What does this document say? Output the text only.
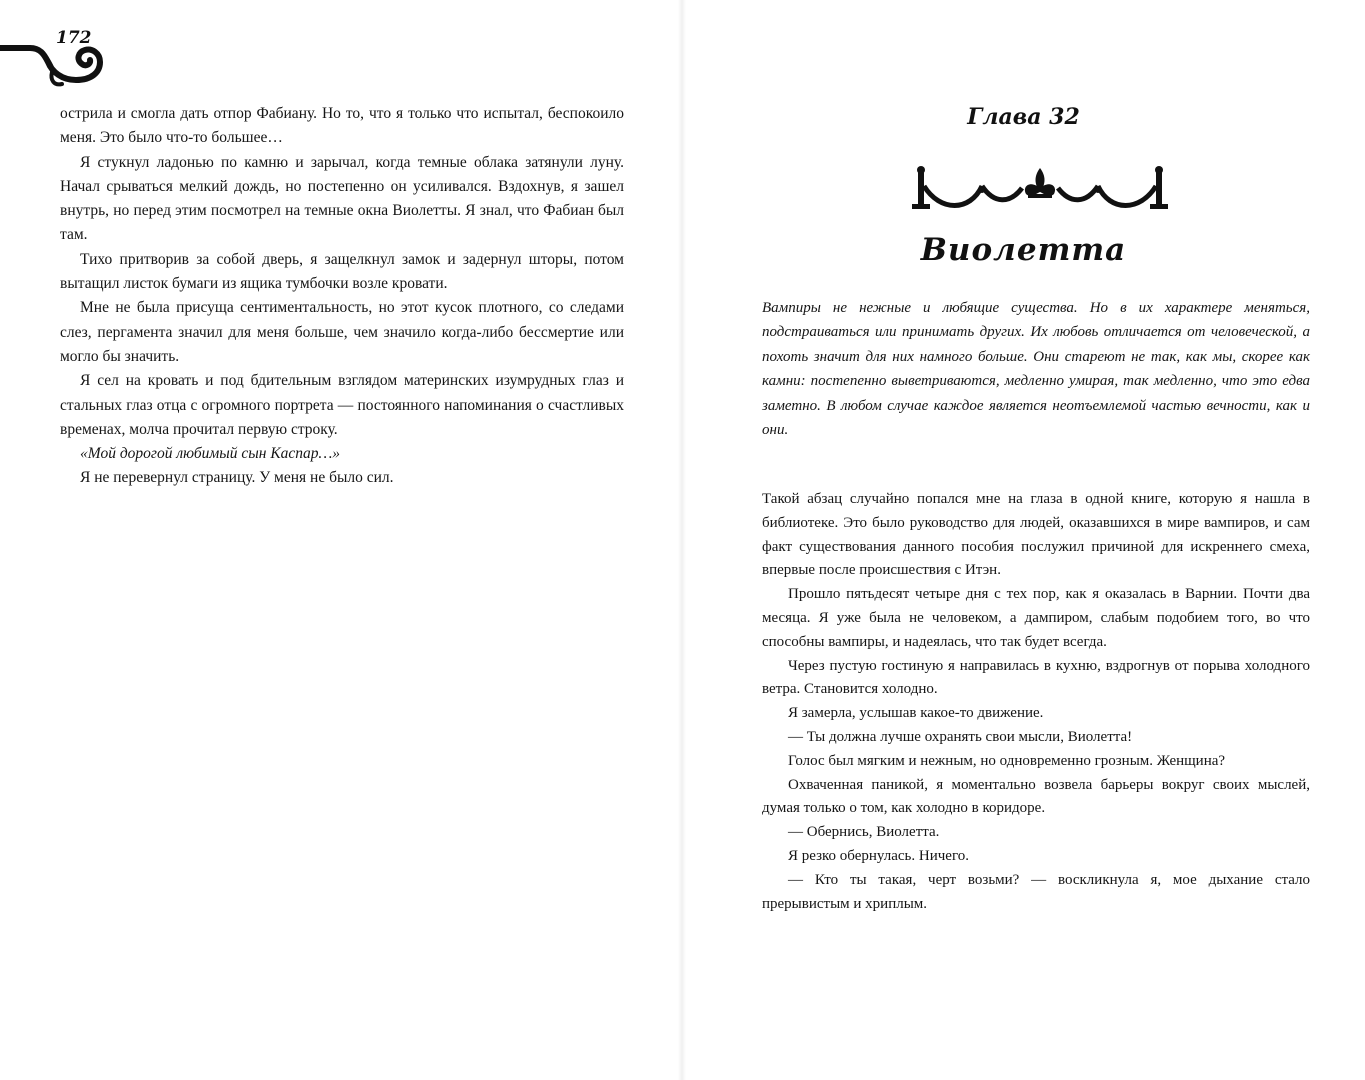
172

острила и смогла дать отпор Фабиану. Но то, что я только что испытал, беспокоило меня. Это было что-то большее…

Я стукнул ладонью по камню и зарычал, когда темные облака затянули луну. Начал срываться мелкий дождь, но постепенно он усиливался. Вздохнув, я зашел внутрь, но перед этим посмотрел на темные окна Виолетты. Я знал, что Фабиан был там.

Тихо притворив за собой дверь, я защелкнул замок и задернул шторы, потом вытащил листок бумаги из ящика тумбочки возле кровати.

Мне не была присуща сентиментальность, но этот кусок плотного, со следами слез, пергамента значил для меня больше, чем значило когда-либо бессмертие или могло бы значить.

Я сел на кровать и под бдительным взглядом материнских изумрудных глаз и стальных глаз отца с огромного портрета — постоянного напоминания о счастливых временах, молча прочитал первую строку.

«Мой дорогой любимый сын Каспар…»

Я не перевернул страницу. У меня не было сил.

Глава 32
Виолетта
Вампиры не нежные и любящие существа. Но в их характере меняться, подстраиваться или принимать других. Их любовь отличается от человеческой, а похоть значит для них намного больше. Они стареют не так, как мы, скорее как камни: постепенно выветриваются, медленно умирая, так медленно, что это едва заметно. В любом случае каждое является неотъемлемой частью вечности, как и они.

Такой абзац случайно попался мне на глаза в одной книге, которую я нашла в библиотеке. Это было руководство для людей, оказавшихся в мире вампиров, и сам факт существования данного пособия послужил причиной для искреннего смеха, впервые после происшествия с Итэн.

Прошло пятьдесят четыре дня с тех пор, как я оказалась в Варнии. Почти два месяца. Я уже была не человеком, а дампиром, слабым подобием того, во что способны вампиры, и надеялась, что так будет всегда.

Через пустую гостиную я направилась в кухню, вздрогнув от порыва холодного ветра. Становится холодно.

Я замерла, услышав какое-то движение.

— Ты должна лучше охранять свои мысли, Виолетта!

Голос был мягким и нежным, но одновременно грозным. Женщина?

Охваченная паникой, я моментально возвела барьеры вокруг своих мыслей, думая только о том, как холодно в коридоре.

— Обернись, Виолетта.

Я резко обернулась. Ничего.

— Кто ты такая, черт возьми? — воскликнула я, мое дыхание стало прерывистым и хриплым.
